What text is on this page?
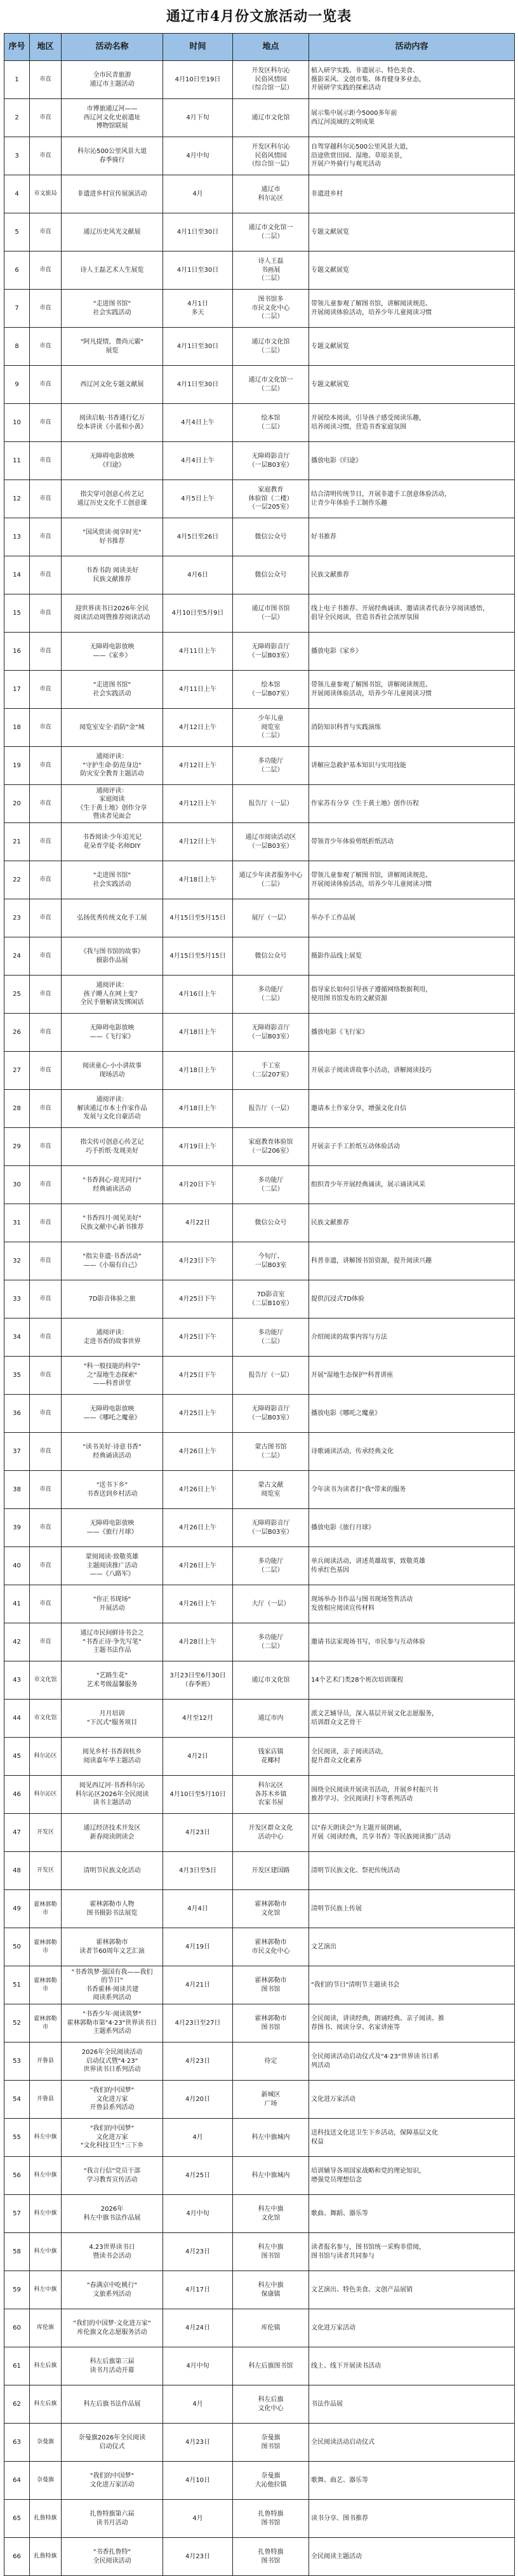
通辽市4月份文旅活动一览表
序号	地区	活动名称	时间	地点	活动内容
1	市直	全市民青旅游
通辽市主题活动	4月10日至19日	开发区科尔沁
民俗风情园
（综合馆一层）	植入研学实践、非遗展示、特色美食、
摄影采风、文创市集、体育健身多业态，
开展研学实践的探索活动
2	市直	市博旅通辽河——
西辽河文化史前遗址
博物馆联展	4月下旬	通辽市文化馆	展示集中展示距今5000多年前
西辽河流域的文明成果
3	市直	科尔沁500公里风景大道
春季骑行	4月中旬	开发区科尔沁
民俗风情园
（综合馆一层）	自驾穿越科尔沁500公里风景大道，
沿途欣赏田园、湿地、草原美景，
开展户外骑行与观光活动
4	市文旅局	非遗进乡村宣传展演活动	4月	通辽市
科尔沁区	非遗进乡村
5	市直	通辽历史风光文献展	4月1日至30日	通辽市文化馆一
（二层）	专题文献展览
6	市直	诗人王磊艺术人生展览	4月1日至30日	诗人王磊
书画展
（二层）	专题文献展览
7	市直	"走进图书馆"
社会实践活动	4月1日
多天	图书馆多
市民文化中心
（二层）	带领儿童参观了解图书馆，讲解阅读规范、
开展阅读体验活动，培养少年儿童阅读习惯
8	市直	"阿凡提情，费尚元霸"
展览	4月1日至30日	通辽市文化馆
（二层）	专题文献展览
9	市直	西辽河文化专题文献展	4月1日至30日	通辽市文化馆一
（二层）	专题文献展览
10	市直	阅读启航·书香通行亿万
绘本讲读《小蓝和小黄》	4月4日上午	绘本馆
（二层）	开展绘本阅读，引导孩子感受阅读乐趣，
培养阅读习惯，营造书香家庭氛围
11	市直	无障碍电影放映
《归途》	4月4日上午	无障碍影音厅
（一层B03室）	播放电影《归途》
12	市直	指尖穿可创意心传艺记
通辽历史文化手工创意课	4月5日上午	家庭教育
体验馆（二楼）
（一层205室）	结合清明传统节日，开展非遗手工创意体验活动，
让青少年体验手工制作乐趣
13	市直	"国风赏读·阅享时光"
好书推荐	4月5日至26日	微信公众号	好书推荐
14	市直	书香书韵 阅读美好
民族文献推荐	4月6日	微信公众号	民族文献推荐
15	市直	迎世界读书日2026年全民
阅读活动周暨推荐阅读活动	4月10日至5月9日	通辽市图书馆
（一层）	线上电子书推荐、开展经典诵读、邀请读者代表分享阅读感悟，
倡导全民阅读，营造书香社会浓厚氛围
16	市直	无障碍电影放映
——《家乡》	4月11日上午	无障碍影音厅
（一层B03室）	播放电影《家乡》
17	市直	"走进图书馆"
社会实践活动	4月11日上午	绘本馆
（一层B07室）	带领儿童参观了解图书馆，讲解阅读规范、
开展阅读体验活动，培养少年儿童阅读习惯
18	市直	阅览室安全·消防"金"城	4月12日上午	少年儿童
阅览室
（二层）	消防知识科普与实践演练
19	市直	通阅评读：
"守护生命·防范身边"
防灾安全教育主题活动	4月12日上午	多功能厅
（二层）	讲解应急救护基本知识与实用技能
20	市直	通阅评读：
家庭阅读
《生于黄土地》创作分享
暨读者见面会	4月12日上午	报告厅（一层）	作家苏有分享《生于黄土地》创作历程
21	市直	书香阅读·少年追光记
花朵育学徒·名师DIY	4月12日上午	通辽市阅读活动区
（一层B03室）	带领青少年体验剪纸折纸活动
22	市直	"走进图书馆"
社会实践活动	4月18日上午	通辽少年读者服务中心
（二层）	带领儿童参观了解图书馆，讲解阅读规范、
开展阅读体验活动，培养少年儿童阅读习惯
23	市直	弘扬优秀传统文化手工展	4月15日至5月15日	展厅（一层）	举办手工作品展
24	市直	《我与图书馆的故事》
摄影作品展	4月15日至5月15日	微信公众号	摄影作品线上展览
25	市直	通阅评读：
孩子睡人在网上变？
全民手册解读发绑闲话	4月16日上午	多功能厅
（二层）	指导家长如何引导孩子遵循网络数据利用，
使用图书馆发布的文献资源
26	市直	无障碍电影放映
——《飞行家》	4月18日上午	无障碍影音厅
（一层B03室）	播放电影《飞行家》
27	市直	阅读童心·小小讲故事
现场活动	4月18日上午	手工室
（二层207室）	开展亲子阅读讲故事小活动，讲解阅读技巧
28	市直	通阅评读：
解读通辽市本土作家作品
发展与文化自豪活动	4月18日上午	报告厅（一层）	邀请本土作家分享，增强文化自信
29	市直	指尖传可创意心传艺记
巧手折纸·发现美好	4月19日上午	家庭教育体验馆
（一层206室）	开展亲子手工折纸互动体验活动
30	市直	"书香润心·迎光同行"
经典诵读活动	4月20日下午	多功能厅
（二层）	组织青少年开展经典诵读，展示诵读风采
31	市直	"书香四月·阅见美好"
民族文献中心新书推荐	4月22日	微信公众号	民族文献推荐
32	市直	"指尖非遗·书香活动"
——《小瑞有自己》	4月23日下午	今旬厅、
一层B03室	科普非遗，讲解图书馆资源，提升阅读兴趣
33	市直	7D影音体验之旅	4月25日下午	7D影音室
（二层B10室）	提供沉浸式7D体验
34	市直	通阅评读：
走进书香的故事世界	4月25日下午	多功能厅
（二层）	介绍阅读的故事内容与方法
35	市直	"科一般技能的科学"
之"湿地生态探索"
——科普讲堂	4月25日下午	报告厅（一层）	开展"湿地生态保护"科普讲座
36	市直	无障碍电影放映
——《哪吒之魔童》	4月25日上午	无障碍影音厅
（一层B03室）	播放电影《哪吒之魔童》
37	市直	"读书美好·诗意书香"
经典诵读活动	4月26日上午	蒙古图书馆
（二层）	诗歌诵读活动，传承经典文化
38	市直	"送书下乡"
书香送到乡村活动	4月26日上午	蒙古文献
阅览室	令年读书为读者打"我"带来的服务
39	市直	无障碍电影放映
——《旅行月球》	4月26日上午	无障碍影音厅
（一层B03室）	播放电影《旅行月球》
40	市直	蒙阅阅读·致敬英雄
主题阅读推广活动
——《八路军》	4月26日上午	多功能厅
（二层）	单兵阅读活动，讲述英雄故事，致敬英雄
传承红色基因
41	市直	"你正书现场"
开展活动	4月26日上午	大厅（一层）	现场举办书作品与图书现场签售活动
发放相应阅读宣传材料
42	市直	通辽市民间鲜诗书会之
"书香正诗·争先写笔"
主题书法作品	4月28日上午	多功能厅
（二层）	邀请书法家现场书写，市民参与互动体验
43	市文化馆	"艺路生花"
艺术考级温馨服务	3月23日至6月30日
（春季班）	通辽市文化馆	14个艺术门类28个班次培训课程
44	市文化馆	月月培训
"下沉式"服务项目	4月至12月	通辽市内	派文艺辅导员，深入基层开展文化志愿服务，
培训群众文艺骨干
45	科尔沁区	阅见乡村·书香润杭乡
阅读嘉年华主题活动	4月2日	钱家店镇
花椰村	全民阅读，亲子阅读活动，
提升群众文化素养
46	科尔沁区	阅见西辽河·书香科尔沁
科尔沁区2026年全民阅读
读书主题活动	4月10日至5月10日	科尔沁区
各苏木乡镇
农家书屋	围绕全民阅读开展读书活动，开展乡村振兴书
推荐学习、全民阅读打卡等系列活动
47	开发区	通辽经济技术开发区
新春阅读朗读会	4月23日	开发区群众文化
活动中心	以"春天朗读会"为主题开展朗诵，
开展《阅读经典，共享书香》等民族阅读推广活动
48	开发区	清明节民族文化活动	4月3日至5日	开发区建国路	清明节民族文化、祭祀传统活动
49	霍林郭勒市	霍林郭勒市人物
图书摄影书法展览	4月4日	霍林郭勒市
文化馆	清明节民族上传展
50	霍林郭勒市	霍林郭勒市
读者节60周年文艺汇演	4月19日	霍林郭勒市
市民文化中心	文艺演出
51	霍林郭勒市	"书香筑梦·强国有我——我们
的节日"
书香霍林·阅读共建
阅读系列活动	4月21日	霍林郭勒市
图书馆	"我们的节日"清明节主题读书会
52	霍林郭勒市	"书香少年·阅读筑梦"
霍林郭勒市第"4·23"世界读书日
主题系列活动	4月23日至27日	霍林郭勒市
图书馆	全民阅读，讲读经典，朗诵经典、亲子阅读、推
荐图书、阅读分享、名家讲座等
53	开鲁县	2026年全民阅读活动
启动仪式暨"4·23"
世界读书日系列活动	4月23日	待定	全民阅读活动启动仪式及"4·23"世界读书日系
列活动
54	开鲁县	"我们的中国梦"
文化进万家
开鲁县系列活动	4月20日	新城区
广场	文化进万家活动
55	科左中旗	"我们的中国梦"
文化进万家
"文化科技卫生"三下乡	4月	科左中旗城内	送科技送文化送卫生下乡活动，保障基层文化
权益
56	科左中旗	"我言行信"党员干部
学习教育宣传活动	4月25日	科左中旗城内	培训辅导各项国家战略和党的理论知识，
增强党员理想信念
57	科左中旗	2026年
科左中旗书法作品展	4月中旬	科左中旗
文化馆	歌曲、舞蹈、器乐等
58	科左中旗	4.23世界读书日
暨读书会活动	4月23日	科左中旗
图书馆	读者报名参与，图书馆统一采购非借阅，
图书馆与读者共同参与
59	科左中旗	"春满京中吃桃行"
文旅系列活动	4月17日	科左中旗
保康镇	文艺演出、特色美食、文创产品展销
60	库伦旗	"我们的中国梦·文化进万家"
库伦旗文化志愿服务活动	4月24日	库伦镇	文化进万家活动
61	科左后旗	科左后旗第三届
读书月活动开幕	4月中旬	科左后旗图书馆	线上、线下开展读书活动
62	科左后旗	科左后旗书法作品展	4月	科左后旗
文化中心	书法作品展
63	奈曼旗	奈曼旗2026年全民阅读
启动仪式	4月23日	奈曼旗
图书馆	全民阅读活动启动仪式
64	奈曼旗	"我们的中国梦"
文化进万家活动	4月10日	奈曼旗
大沁他拉镇	歌舞、曲艺、器乐等
65	扎鲁特旗	扎鲁特旗第六届
读书月活动	4月	扎鲁特旗
图书馆	读书分享、图书推荐
66	扎鲁特旗	"书香扎鲁特"
全民阅读活动	4月23日	扎鲁特旗
图书馆	全民阅读主题活动
